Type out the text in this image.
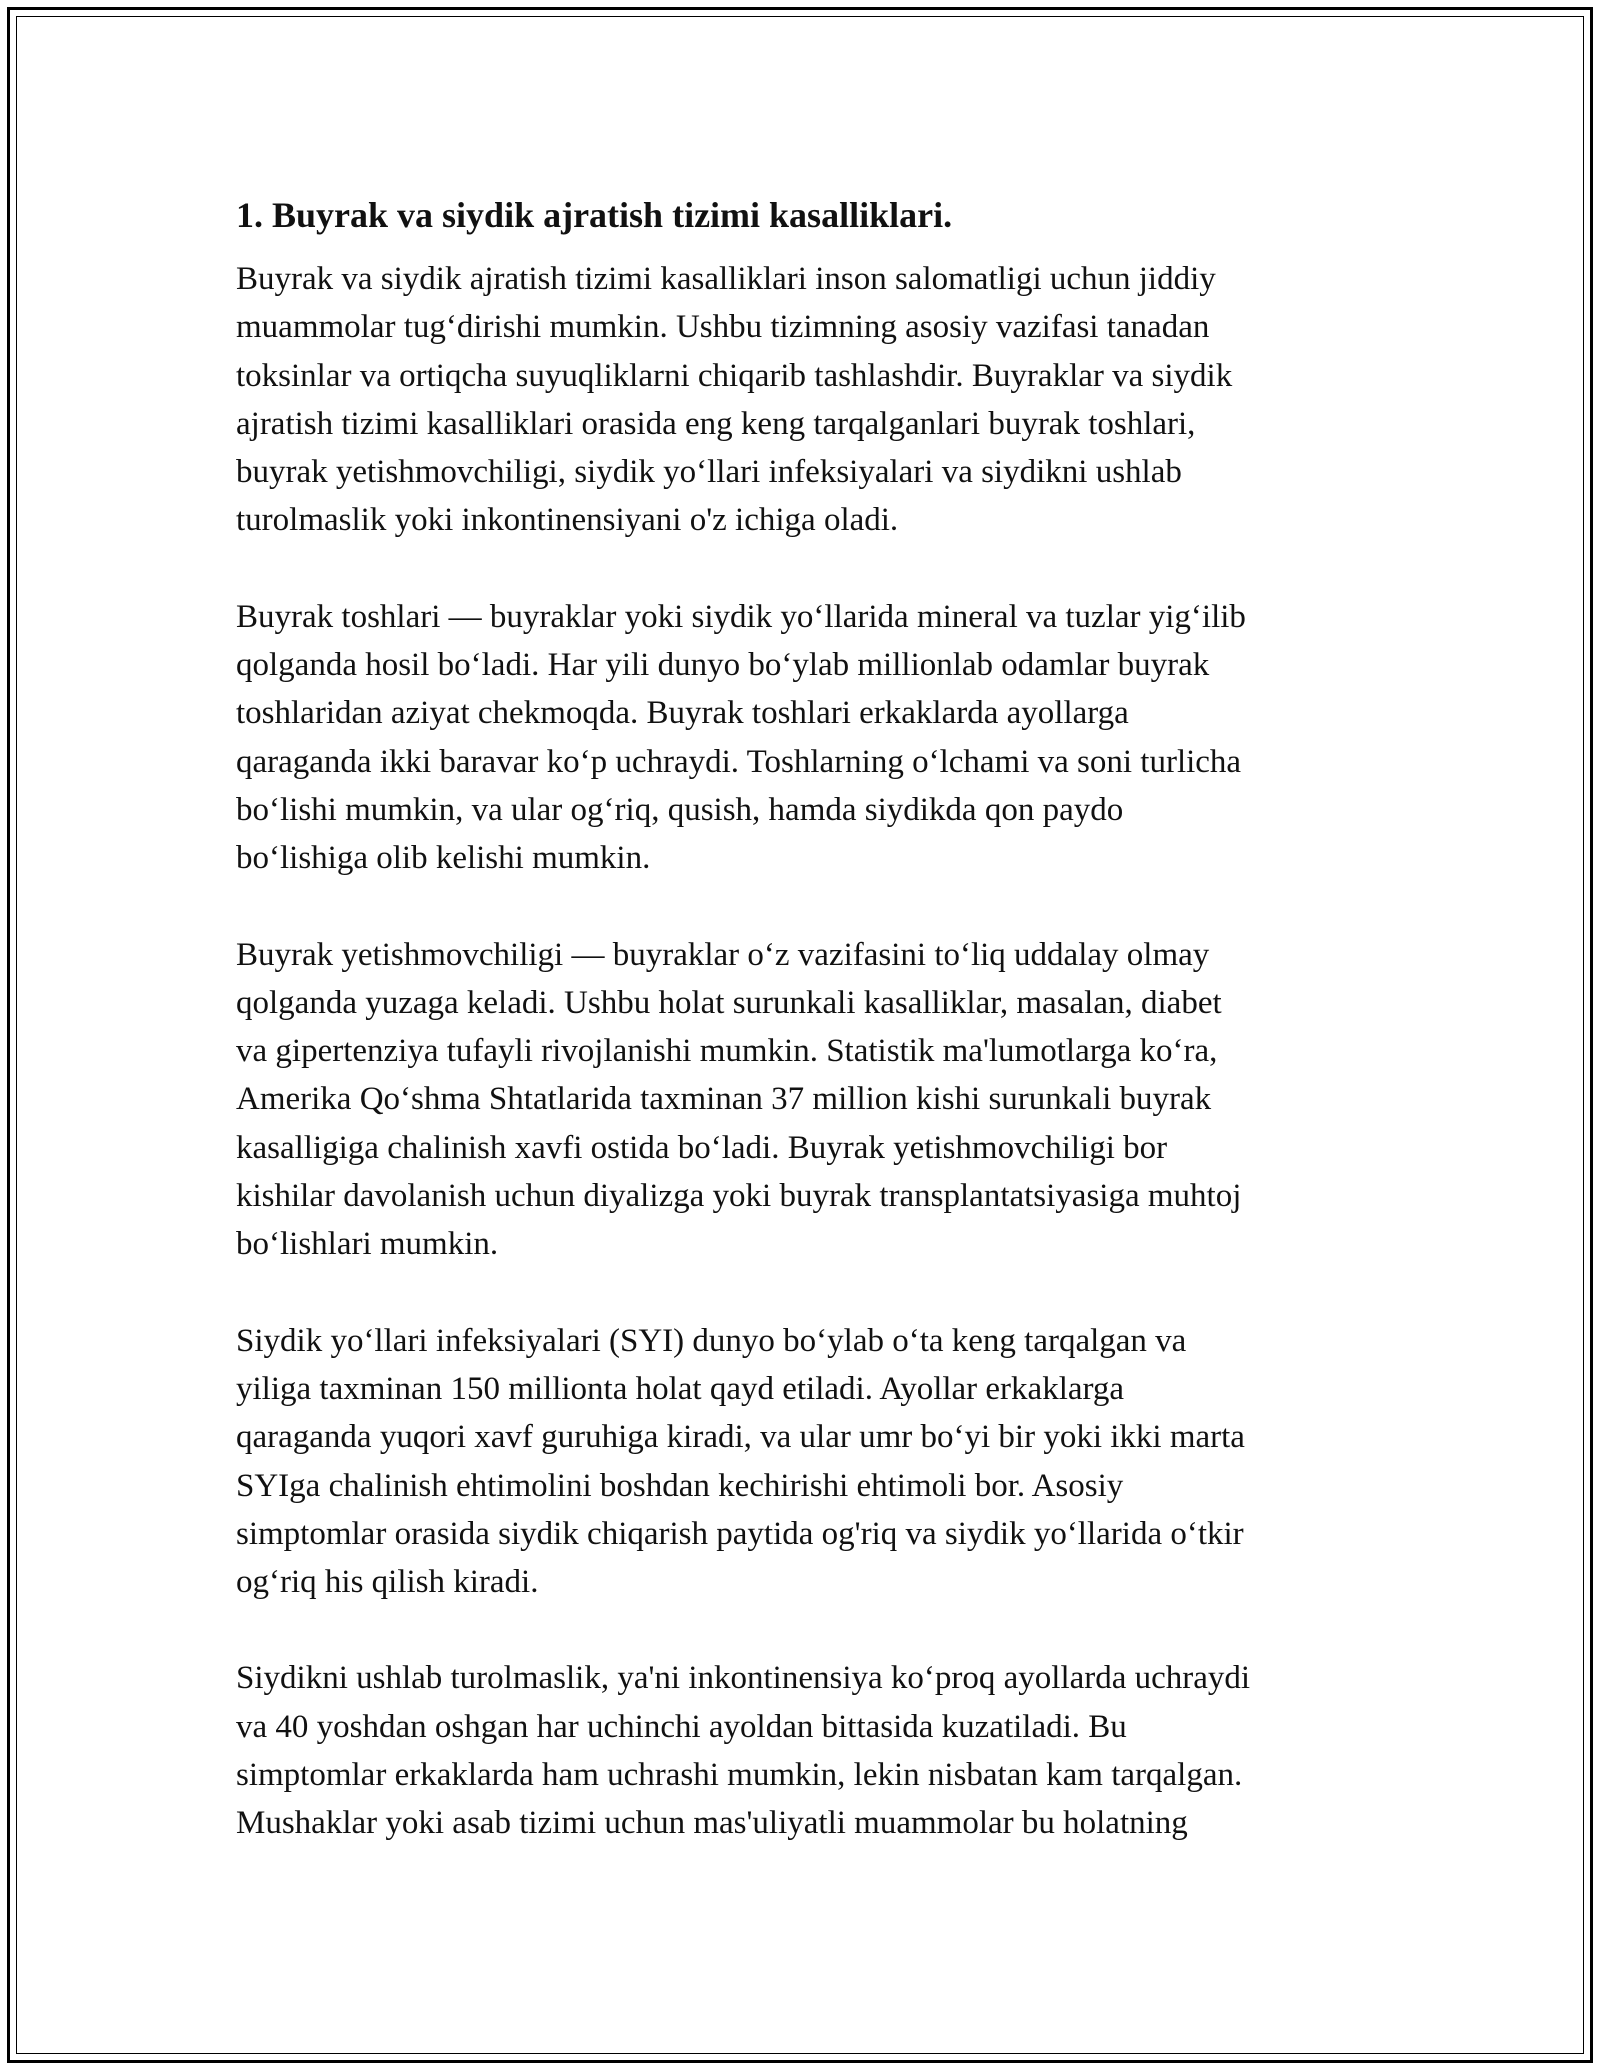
1. Buyrak va siydik ajratish tizimi kasalliklari.

Buyrak va siydik ajratish tizimi kasalliklari inson salomatligi uchun jiddiy
muammolar tug‘dirishi mumkin. Ushbu tizimning asosiy vazifasi tanadan
toksinlar va ortiqcha suyuqliklarni chiqarib tashlashdir. Buyraklar va siydik
ajratish tizimi kasalliklari orasida eng keng tarqalganlari buyrak toshlari,
buyrak yetishmovchiligi, siydik yo‘llari infeksiyalari va siydikni ushlab
turolmaslik yoki inkontinensiyani o'z ichiga oladi.

Buyrak toshlari — buyraklar yoki siydik yo‘llarida mineral va tuzlar yig‘ilib
qolganda hosil bo‘ladi. Har yili dunyo bo‘ylab millionlab odamlar buyrak
toshlaridan aziyat chekmoqda. Buyrak toshlari erkaklarda ayollarga
qaraganda ikki baravar ko‘p uchraydi. Toshlarning o‘lchami va soni turlicha
bo‘lishi mumkin, va ular og‘riq, qusish, hamda siydikda qon paydo
bo‘lishiga olib kelishi mumkin.

Buyrak yetishmovchiligi — buyraklar o‘z vazifasini to‘liq uddalay olmay
qolganda yuzaga keladi. Ushbu holat surunkali kasalliklar, masalan, diabet
va gipertenziya tufayli rivojlanishi mumkin. Statistik ma'lumotlarga ko‘ra,
Amerika Qo‘shma Shtatlarida taxminan 37 million kishi surunkali buyrak
kasalligiga chalinish xavfi ostida bo‘ladi. Buyrak yetishmovchiligi bor
kishilar davolanish uchun diyalizga yoki buyrak transplantatsiyasiga muhtoj
bo‘lishlari mumkin.

Siydik yo‘llari infeksiyalari (SYI) dunyo bo‘ylab o‘ta keng tarqalgan va
yiliga taxminan 150 millionta holat qayd etiladi. Ayollar erkaklarga
qaraganda yuqori xavf guruhiga kiradi, va ular umr bo‘yi bir yoki ikki marta
SYIga chalinish ehtimolini boshdan kechirishi ehtimoli bor. Asosiy
simptomlar orasida siydik chiqarish paytida og'riq va siydik yo‘llarida o‘tkir
og‘riq his qilish kiradi.

Siydikni ushlab turolmaslik, ya'ni inkontinensiya ko‘proq ayollarda uchraydi
va 40 yoshdan oshgan har uchinchi ayoldan bittasida kuzatiladi. Bu
simptomlar erkaklarda ham uchrashi mumkin, lekin nisbatan kam tarqalgan.
Mushaklar yoki asab tizimi uchun mas'uliyatli muammolar bu holatning
